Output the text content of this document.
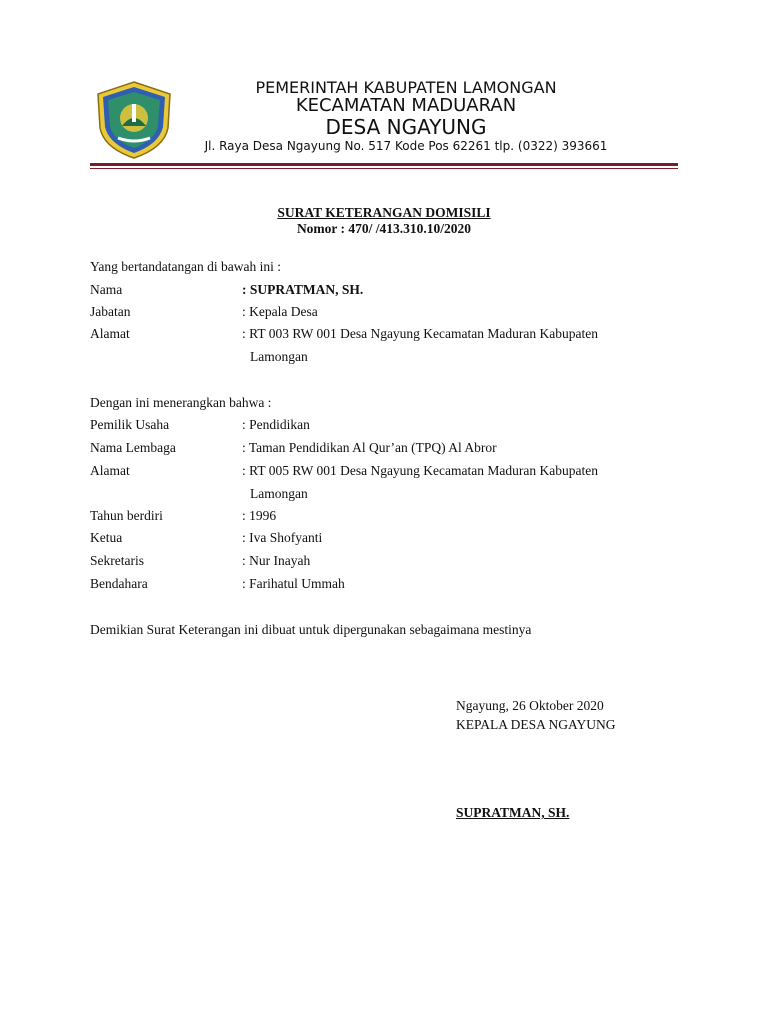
PEMERINTAH KABUPATEN LAMONGAN
KECAMATAN MADUARAN
DESA NGAYUNG
Jl. Raya Desa Ngayung No. 517 Kode Pos 62261 tlp. (0322) 393661
SURAT KETERANGAN DOMISILI
Nomor : 470/ /413.310.10/2020
Yang bertandatangan di bawah ini :
Nama	: SUPRATMAN, SH.
Jabatan	: Kepala Desa
Alamat	: RT 003 RW 001 Desa Ngayung Kecamatan Maduran Kabupaten
Lamongan
Dengan ini menerangkan bahwa :
Pemilik Usaha	: Pendidikan
Nama Lembaga	: Taman Pendidikan Al Qur’an (TPQ) Al Abror
Alamat	: RT 005 RW 001 Desa Ngayung Kecamatan Maduran Kabupaten
Lamongan
Tahun berdiri	: 1996
Ketua	: Iva Shofyanti
Sekretaris	: Nur Inayah
Bendahara	: Farihatul Ummah
Demikian Surat Keterangan ini dibuat untuk dipergunakan sebagaimana mestinya
Ngayung, 26 Oktober 2020
KEPALA DESA NGAYUNG
SUPRATMAN, SH.
